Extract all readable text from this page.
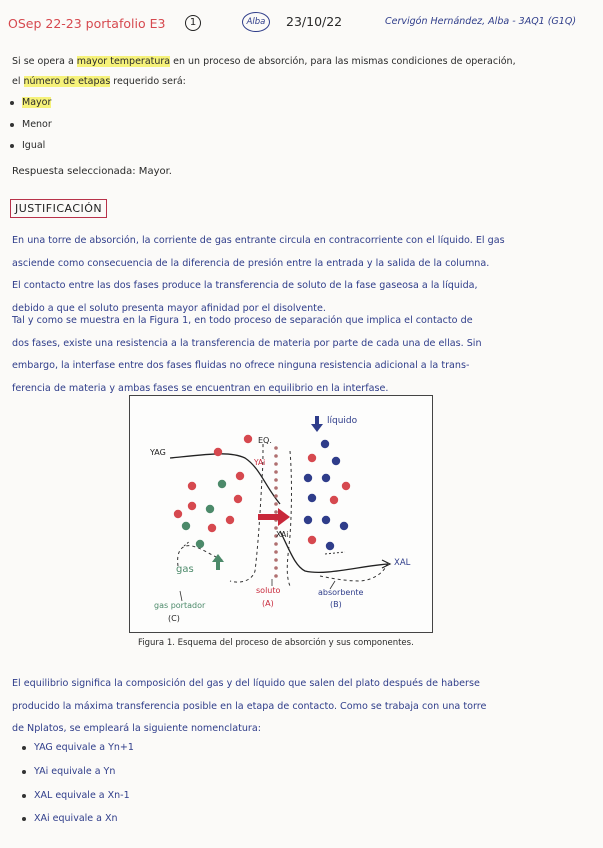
OSep 22-23 portafolio E3	1	Alba	23/10/22	Cervigón Hernández, Alba - 3AQ1 (G1Q)
Si se opera a mayor temperatura en un proceso de absorción, para las mismas condiciones de operación,
el número de etapas requerido será:
Mayor
Menor
Igual
Respuesta seleccionada: Mayor.
JUSTIFICACIÓN
En una torre de absorción, la corriente de gas entrante circula en contracorriente con el líquido. El gas
asciende como consecuencia de la diferencia de presión entre la entrada y la salida de la columna.
El contacto entre las dos fases produce la transferencia de soluto de la fase gaseosa a la líquida,
debido a que el soluto presenta mayor afinidad por el disolvente.
Tal y como se muestra en la Figura 1, en todo proceso de separación que implica el contacto de
dos fases, existe una resistencia a la transferencia de materia por parte de cada una de ellas. Sin
embargo, la interfase entre dos fases fluidas no ofrece ninguna resistencia adicional a la trans-
ferencia de materia y ambas fases se encuentran en equilibrio en la interfase.
YAG
EQ.
YAi
XAi
líquido
XAL
gas
soluto
(A)
absorbente
(B)
gas portador
(C)
Figura 1. Esquema del proceso de absorción y sus componentes.
El equilibrio significa la composición del gas y del líquido que salen del plato después de haberse
producido la máxima transferencia posible en la etapa de contacto. Como se trabaja con una torre
de Nplatos, se empleará la siguiente nomenclatura:
YAG equivale a Yn+1
YAi equivale a Yn
XAL equivale a Xn-1
XAi equivale a Xn
